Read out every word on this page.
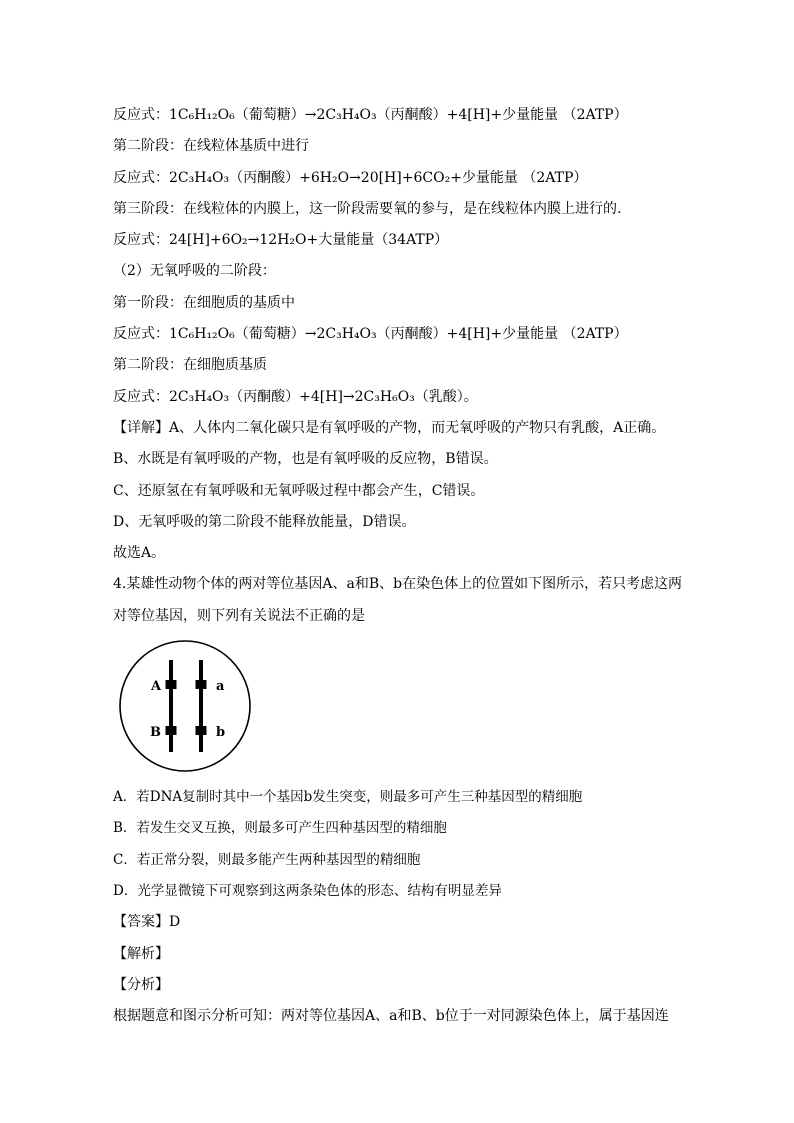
反应式：1C₆H₁₂O₆（葡萄糖）→2C₃H₄O₃（丙酮酸）+4[H]+少量能量 （2ATP）
第二阶段：在线粒体基质中进行
反应式：2C₃H₄O₃（丙酮酸）+6H₂O→20[H]+6CO₂+少量能量 （2ATP）
第三阶段：在线粒体的内膜上，这一阶段需要氧的参与，是在线粒体内膜上进行的.
反应式：24[H]+6O₂→12H₂O+大量能量（34ATP）
（2）无氧呼吸的二阶段：
第一阶段：在细胞质的基质中
反应式：1C₆H₁₂O₆（葡萄糖）→2C₃H₄O₃（丙酮酸）+4[H]+少量能量 （2ATP）
第二阶段：在细胞质基质
反应式：2C₃H₄O₃（丙酮酸）+4[H]→2C₃H₆O₃（乳酸）。
【详解】A、人体内二氧化碳只是有氧呼吸的产物，而无氧呼吸的产物只有乳酸，A正确。
B、水既是有氧呼吸的产物，也是有氧呼吸的反应物，B错误。
C、还原氢在有氧呼吸和无氧呼吸过程中都会产生，C错误。
D、无氧呼吸的第二阶段不能释放能量，D错误。
故选A。
4.某雄性动物个体的两对等位基因A、a和B、b在染色体上的位置如下图所示，若只考虑这两
对等位基因，则下列有关说法不正确的是
A
B
a
b
A．若DNA复制时其中一个基因b发生突变，则最多可产生三种基因型的精细胞
B．若发生交叉互换，则最多可产生四种基因型的精细胞
C．若正常分裂，则最多能产生两种基因型的精细胞
D．光学显微镜下可观察到这两条染色体的形态、结构有明显差异
【答案】D
【解析】
【分析】
根据题意和图示分析可知：两对等位基因A、a和B、b位于一对同源染色体上，属于基因连
